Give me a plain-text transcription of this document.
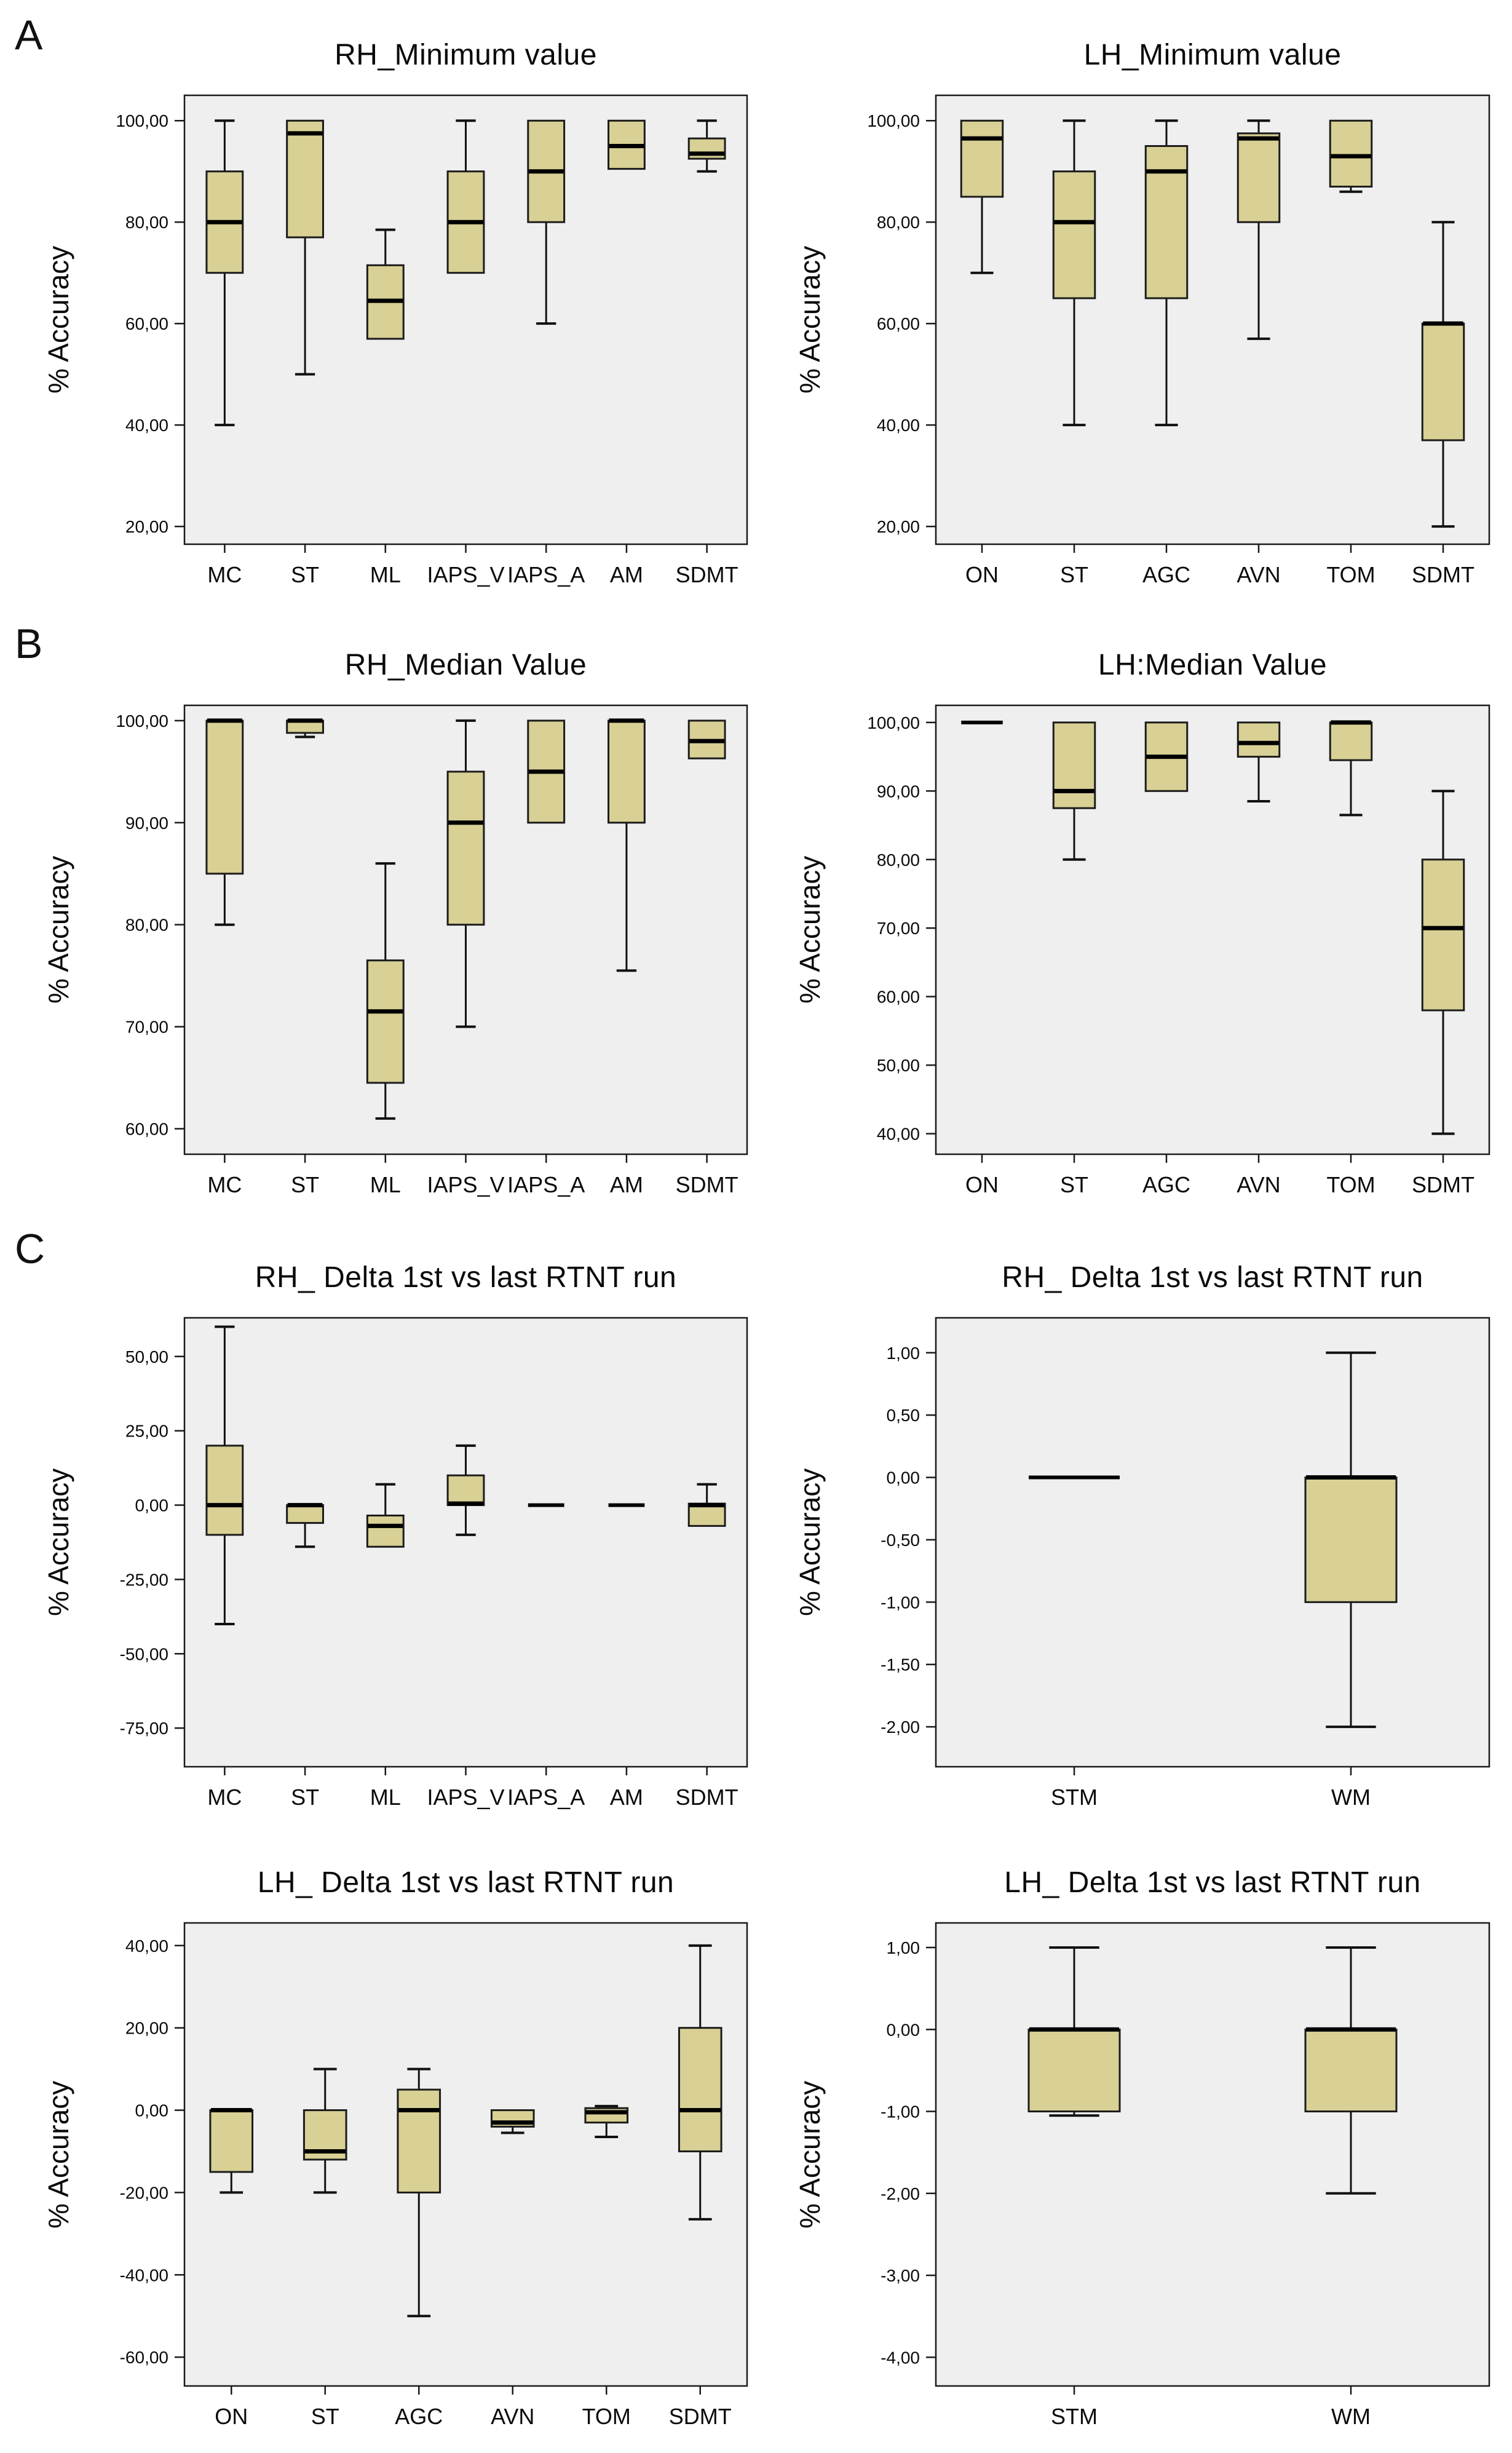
A
B
C
RH_Minimum value
% Accuracy
100,00
80,00
60,00
40,00
20,00
MC ST ML IAPS_V IAPS_A AM SDMT
LH_Minimum value
% Accuracy
100,00
80,00
60,00
40,00
20,00
ON	ST AGC AVN TOM SDMT
RH_Median Value
% Accuracy
100,00
90,00
80,00
70,00
60,00
MC ST ML IAPS_V IAPS_A AM SDMT
LH:Median Value
% Accuracy
100,00
90,00
80,00
70,00
60,00
50,00
40,00
ON	ST AGC AVN TOM SDMT
RH_ Delta 1st vs last RTNT run
% Accuracy
50,00
25,00
0,00
-25,00
-50,00
-75,00
MC ST ML IAPS_V IAPS_A AM SDMT
RH_ Delta 1st vs last RTNT run
% Accuracy
1,00
0,50
0,00
-0,50
-1,00
-1,50
-2,00
STM	WM
LH_ Delta 1st vs last RTNT run
% Accuracy
40,00
20,00
0,00
-20,00
-40,00
-60,00
ON	ST	AGC AVN TOM SDMT
LH_ Delta 1st vs last RTNT run
% Accuracy
1,00
0,00
-1,00
-2,00
-3,00
-4,00
STM	WM
